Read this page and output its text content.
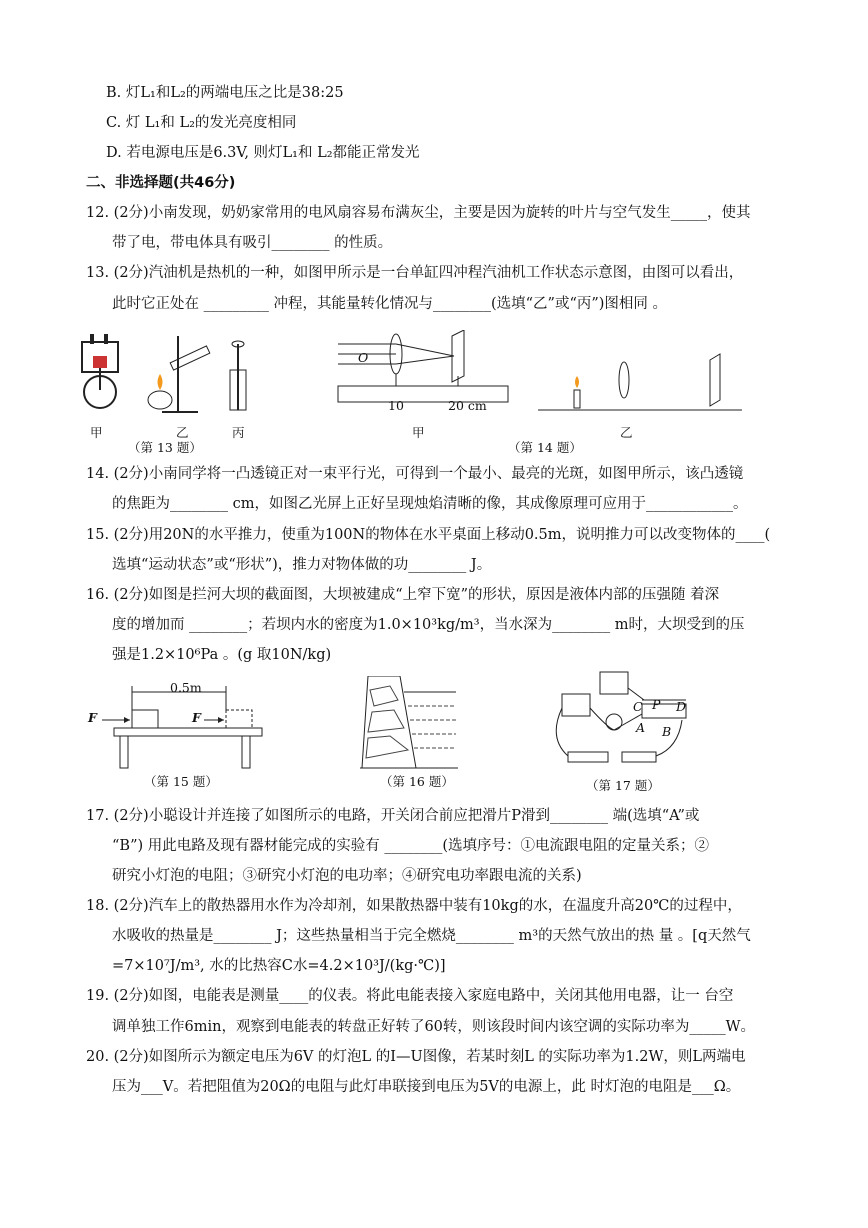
B. 灯L₁和L₂的两端电压之比是38:25
C. 灯 L₁和 L₂的发光亮度相同
D. 若电源电压是6.3V, 则灯L₁和 L₂都能正常发光
二、非选择题(共46分)
12. (2分)小南发现，奶奶家常用的电风扇容易布满灰尘，主要是因为旋转的叶片与空气发生_____，使其
带了电，带电体具有吸引________ 的性质。
13. (2分)汽油机是热机的一种，如图甲所示是一台单缸四冲程汽油机工作状态示意图，由图可以看出，
此时它正处在 _________ 冲程，其能量转化情况与________(选填“乙”或“丙”)图相同 。
甲	乙	丙
（第 13 题）
O
10	20 cm
甲	乙
（第 14 题）
14. (2分)小南同学将一凸透镜正对一束平行光，可得到一个最小、最亮的光斑，如图甲所示，该凸透镜
的焦距为________ cm，如图乙光屏上正好呈现烛焰清晰的像，其成像原理可应用于____________。
15. (2分)用20N的水平推力，使重为100N的物体在水平桌面上移动0.5m，说明推力可以改变物体的____(
选填“运动状态”或“形状”)，推力对物体做的功________ J。
16. (2分)如图是拦河大坝的截面图，大坝被建成“上窄下宽”的形状，原因是液体内部的压强随 着深
度的增加而 ________；若坝内水的密度为1.0×10³kg/m³，当水深为________ m时，大坝受到的压
强是1.2×10⁶Pa 。(g 取10N/kg)
0.5m
F	F
（第 15 题）	（第 16 题）
C P D
A B
（第 17 题）
17. (2分)小聪设计并连接了如图所示的电路，开关闭合前应把滑片P滑到________ 端(选填“A”或
“B”) 用此电路及现有器材能完成的实验有 ________(选填序号：①电流跟电阻的定量关系；②
研究小灯泡的电阻；③研究小灯泡的电功率；④研究电功率跟电流的关系)
18. (2分)汽车上的散热器用水作为冷却剂，如果散热器中装有10kg的水，在温度升高20℃的过程中，
水吸收的热量是________ J；这些热量相当于完全燃烧________ m³的天然气放出的热 量 。[q天然气
=7×10⁷J/m³, 水的比热容C水=4.2×10³J/(kg·℃)]
19. (2分)如图，电能表是测量____的仪表。将此电能表接入家庭电路中，关闭其他用电器，让一 台空
调单独工作6min，观察到电能表的转盘正好转了60转，则该段时间内该空调的实际功率为_____W。
20. (2分)如图所示为额定电压为6V 的灯泡L 的I—U图像，若某时刻L 的实际功率为1.2W，则L两端电
压为___V。若把阻值为20Ω的电阻与此灯串联接到电压为5V的电源上，此 时灯泡的电阻是___Ω。
